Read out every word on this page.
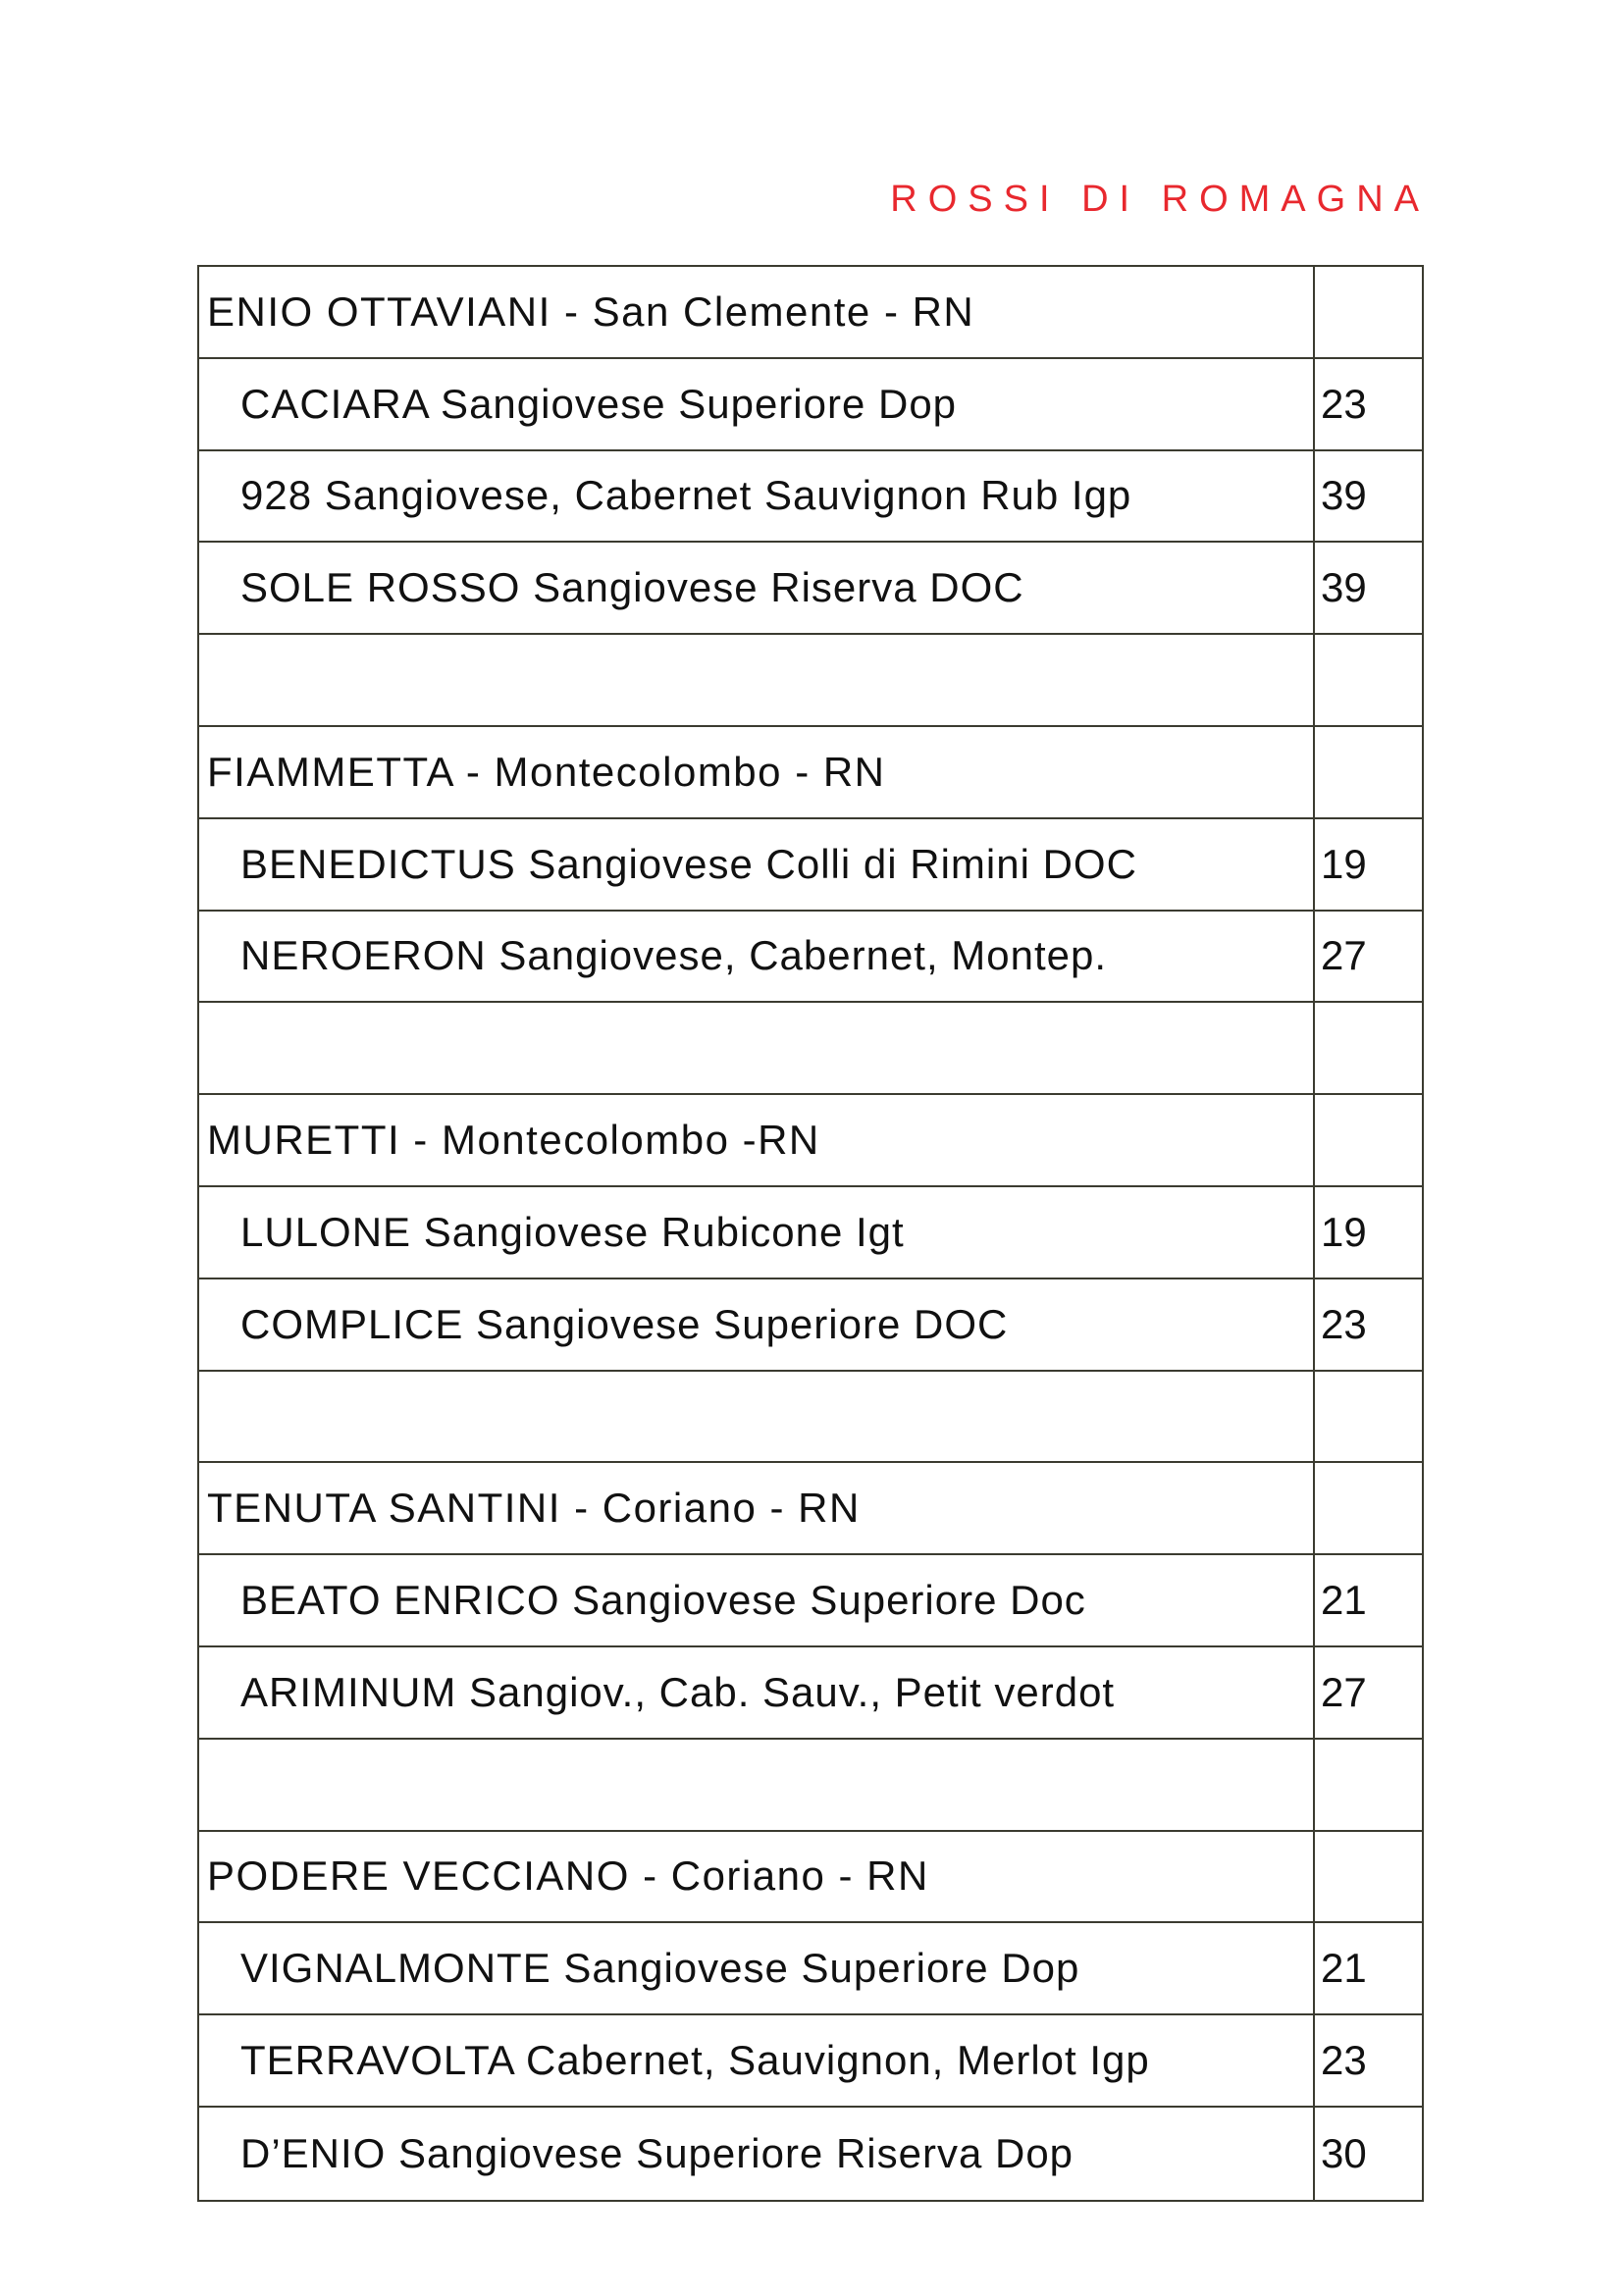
ROSSI DI ROMAGNA
ENIO OTTAVIANI - San Clemente - RN
CACIARA Sangiovese Superiore Dop	23
928 Sangiovese, Cabernet Sauvignon Rub Igp	39
SOLE ROSSO Sangiovese Riserva DOC	39
FIAMMETTA - Montecolombo - RN
BENEDICTUS Sangiovese Colli di Rimini DOC	19
NEROERON Sangiovese, Cabernet, Montep.	27
MURETTI - Montecolombo -RN
LULONE Sangiovese Rubicone Igt	19
COMPLICE Sangiovese Superiore DOC	23
TENUTA SANTINI - Coriano - RN
BEATO ENRICO Sangiovese Superiore Doc	21
ARIMINUM Sangiov., Cab. Sauv., Petit verdot	27
PODERE VECCIANO - Coriano - RN
VIGNALMONTE Sangiovese Superiore Dop	21
TERRAVOLTA Cabernet, Sauvignon, Merlot Igp	23
D’ENIO Sangiovese Superiore Riserva Dop	30
